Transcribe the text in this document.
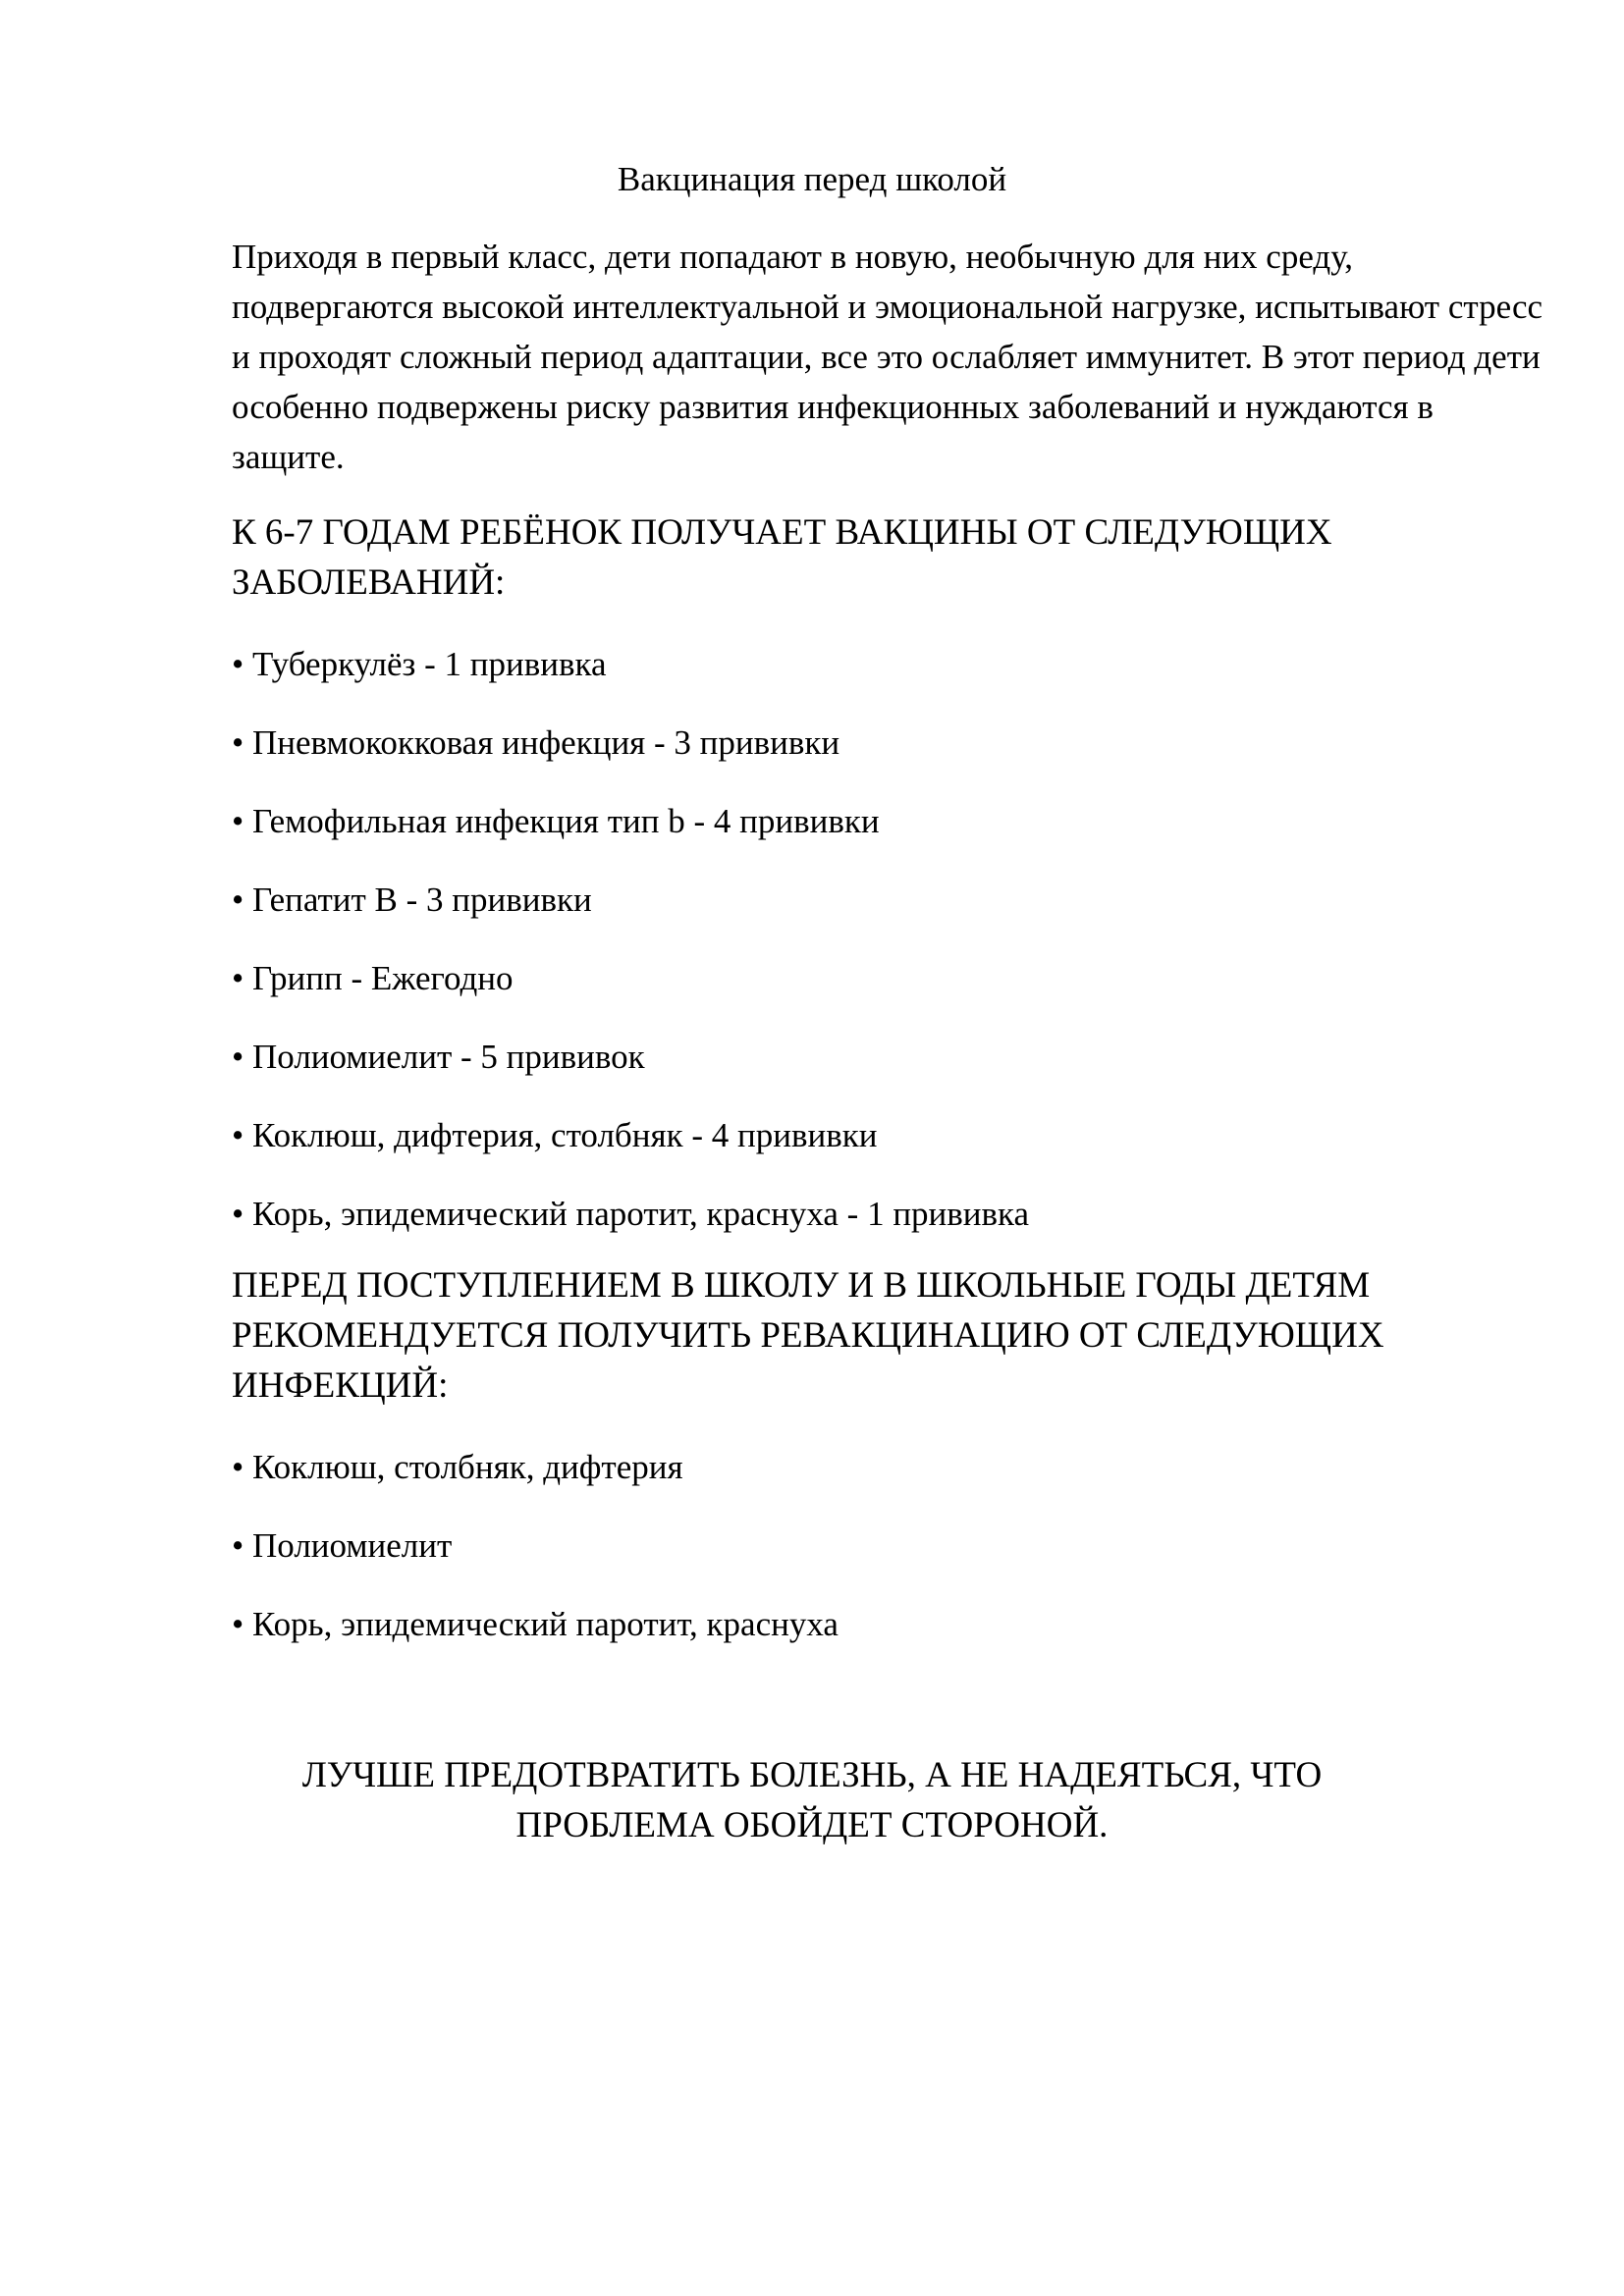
Вакцинация перед школой

Приходя в первый класс, дети попадают в новую, необычную для них среду, подвергаются высокой интеллектуальной и эмоциональной нагрузке, испытывают стресс и проходят сложный период адаптации, все это ослабляет иммунитет. В этот период дети особенно подвержены риску развития инфекционных заболеваний и нуждаются в защите.

К 6-7 ГОДАМ РЕБЁНОК ПОЛУЧАЕТ ВАКЦИНЫ ОТ СЛЕДУЮЩИХ ЗАБОЛЕВАНИЙ:
• Туберкулёз - 1 прививка
• Пневмококковая инфекция - 3 прививки
• Гемофильная инфекция тип b - 4 прививки
• Гепатит В - 3 прививки
• Грипп - Ежегодно
• Полиомиелит - 5 прививок
• Коклюш, дифтерия, столбняк - 4 прививки
• Корь, эпидемический паротит, краснуха - 1 прививка
ПЕРЕД ПОСТУПЛЕНИЕМ В ШКОЛУ И В ШКОЛЬНЫЕ ГОДЫ ДЕТЯМ РЕКОМЕНДУЕТСЯ ПОЛУЧИТЬ РЕВАКЦИНАЦИЮ ОТ СЛЕДУЮЩИХ ИНФЕКЦИЙ:
• Коклюш, столбняк, дифтерия
• Полиомиелит
• Корь, эпидемический паротит, краснуха

ЛУЧШЕ ПРЕДОТВРАТИТЬ БОЛЕЗНЬ, А НЕ НАДЕЯТЬСЯ, ЧТО
ПРОБЛЕМА ОБОЙДЕТ СТОРОНОЙ.
